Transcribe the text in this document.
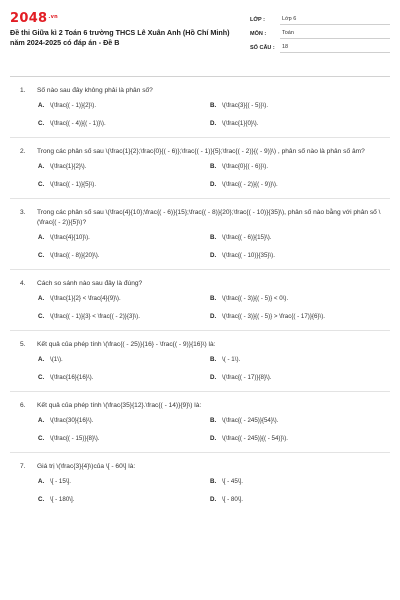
2048 .vn
Đề thi Giữa kì 2 Toán 6 trường THCS Lê Xuân Anh (Hồ Chí Minh) năm 2024-2025 có đáp án - Đề B
LỚP :	Lớp 6
MÔN :	Toán
SỐ CÂU :	18
1.	Số nào sau đây không phải là phân số?
A. \(\frac{( - 1)}{2}\).	B. \(\frac{3}{( - 5)}\).
C. \(\frac{( - 4)}{( - 1)}\).	D. \(\frac{1}{0}\).
2.	Trong các phân số sau \(\frac{1}{2};\frac{0}{( - 6)};\frac{( - 1)}{5};\frac{( - 2)}{( - 9)}\) , phân số nào là phân số âm?
A. \(\frac{1}{2}\).	B. \(\frac{0}{( - 6)}\).
C. \(\frac{( - 1)}{5}\).	D. \(\frac{( - 2)}{( - 9)}\).
3.	Trong các phân số sau \(\frac{4}{10};\frac{( - 6)}{15};\frac{( - 8)}{20};\frac{( - 10)}{35}\), phân số nào bằng với phân số \(\frac{( - 2)}{5}\)?
A. \(\frac{4}{10}\).	B. \(\frac{( - 6)}{15}\).
C. \(\frac{( - 8)}{20}\).	D. \(\frac{( - 10)}{35}\).
4.	Cách so sánh nào sau đây là đúng?
A. \(\frac{1}{2} < \frac{4}{9}\).	B. \(\frac{( - 3)}{( - 5)} < 0\).
C. \(\frac{( - 1)}{3} < \frac{( - 2)}{3}\).	D. \(\frac{( - 3)}{( - 5)} > \frac{( - 17)}{6}\).
5.	Kết quả của phép tính \(\frac{( - 25)}{16} - \frac{( - 9)}{16}\) là:
A. \(1\).	B. \( - 1\).
C. \(\frac{16}{16}\).	D. \(\frac{( - 17)}{8}\).
6.	Kết quả của phép tính \(\frac{35}{12}.\frac{( - 14)}{9}\) là:
A. \(\frac{30}{16}\).	B. \(\frac{( - 245)}{54}\).
C. \(\frac{( - 15)}{8}\).	D. \(\frac{( - 245)}{( - 54)}\).
7.	Giá trị \(\frac{3}{4}\)của \[ - 60\] là:
A. \[ - 15\].	B. \[ - 45\].
C. \[ - 180\].	D. \[ - 80\].
